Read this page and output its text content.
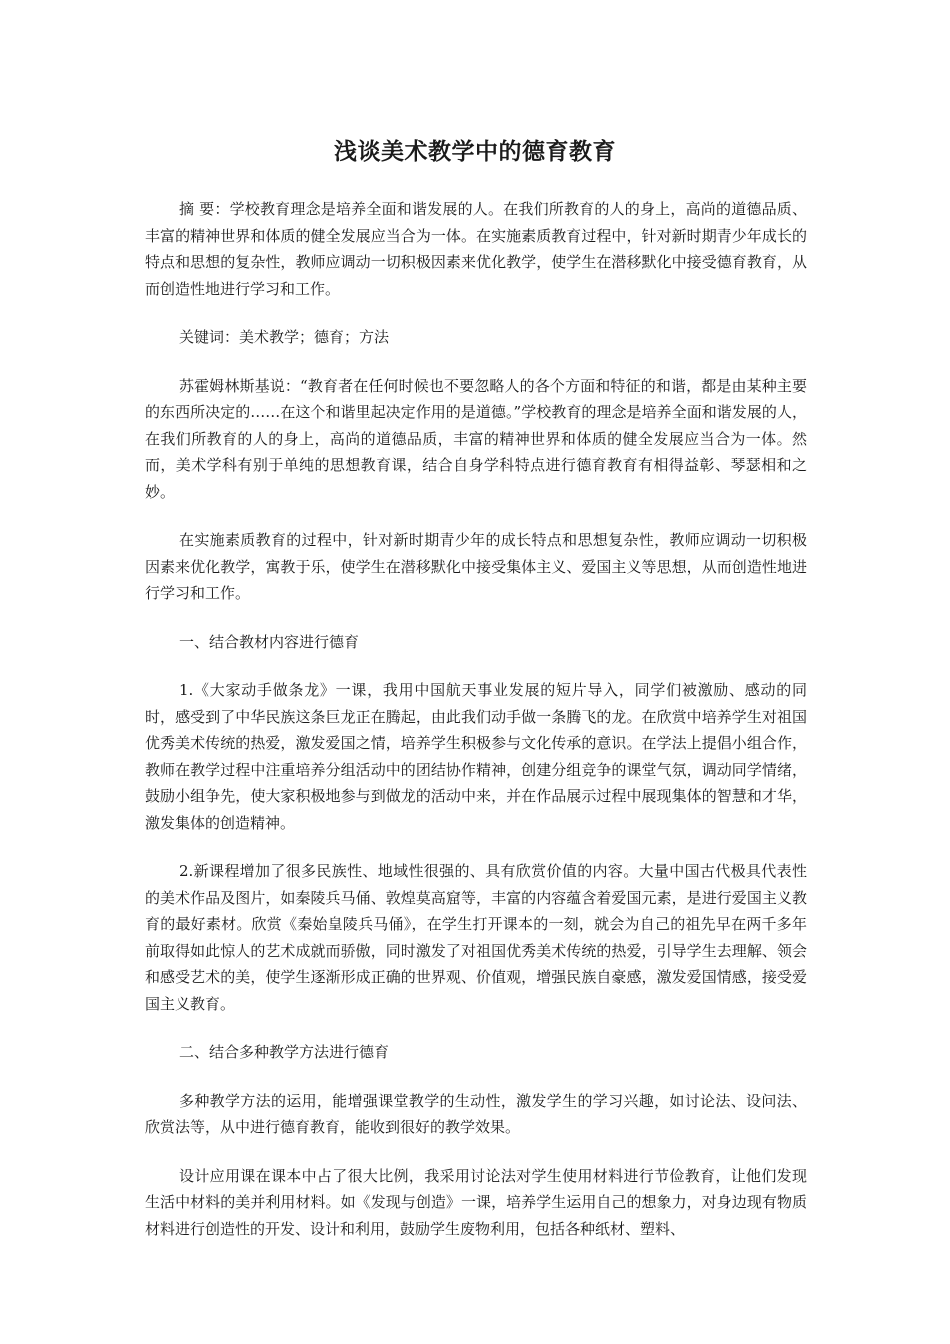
浅谈美术教学中的德育教育

摘 要：学校教育理念是培养全面和谐发展的人。在我们所教育的人的身上，高尚的道德品质、丰富的精神世界和体质的健全发展应当合为一体。在实施素质教育过程中，针对新时期青少年成长的特点和思想的复杂性，教师应调动一切积极因素来优化教学，使学生在潜移默化中接受德育教育，从而创造性地进行学习和工作。

关键词：美术教学；德育；方法

苏霍姆林斯基说：“教育者在任何时候也不要忽略人的各个方面和特征的和谐，都是由某种主要的东西所决定的……在这个和谐里起决定作用的是道德。”学校教育的理念是培养全面和谐发展的人，在我们所教育的人的身上，高尚的道德品质，丰富的精神世界和体质的健全发展应当合为一体。然而，美术学科有别于单纯的思想教育课，结合自身学科特点进行德育教育有相得益彰、琴瑟相和之妙。

在实施素质教育的过程中，针对新时期青少年的成长特点和思想复杂性，教师应调动一切积极因素来优化教学，寓教于乐，使学生在潜移默化中接受集体主义、爱国主义等思想，从而创造性地进行学习和工作。

一、结合教材内容进行德育

1.《大家动手做条龙》一课，我用中国航天事业发展的短片导入，同学们被激励、感动的同时，感受到了中华民族这条巨龙正在腾起，由此我们动手做一条腾飞的龙。在欣赏中培养学生对祖国优秀美术传统的热爱，激发爱国之情，培养学生积极参与文化传承的意识。在学法上提倡小组合作，教师在教学过程中注重培养分组活动中的团结协作精神，创建分组竞争的课堂气氛，调动同学情绪，鼓励小组争先，使大家积极地参与到做龙的活动中来，并在作品展示过程中展现集体的智慧和才华，激发集体的创造精神。

2.新课程增加了很多民族性、地域性很强的、具有欣赏价值的内容。大量中国古代极具代表性的美术作品及图片，如秦陵兵马俑、敦煌莫高窟等，丰富的内容蕴含着爱国元素，是进行爱国主义教育的最好素材。欣赏《秦始皇陵兵马俑》，在学生打开课本的一刻，就会为自己的祖先早在两千多年前取得如此惊人的艺术成就而骄傲，同时激发了对祖国优秀美术传统的热爱，引导学生去理解、领会和感受艺术的美，使学生逐渐形成正确的世界观、价值观，增强民族自豪感，激发爱国情感，接受爱国主义教育。

二、结合多种教学方法进行德育

多种教学方法的运用，能增强课堂教学的生动性，激发学生的学习兴趣，如讨论法、设问法、欣赏法等，从中进行德育教育，能收到很好的教学效果。

设计应用课在课本中占了很大比例，我采用讨论法对学生使用材料进行节俭教育，让他们发现生活中材料的美并利用材料。如《发现与创造》一课，培养学生运用自己的想象力，对身边现有物质材料进行创造性的开发、设计和利用，鼓励学生废物利用，包括各种纸材、塑料、
